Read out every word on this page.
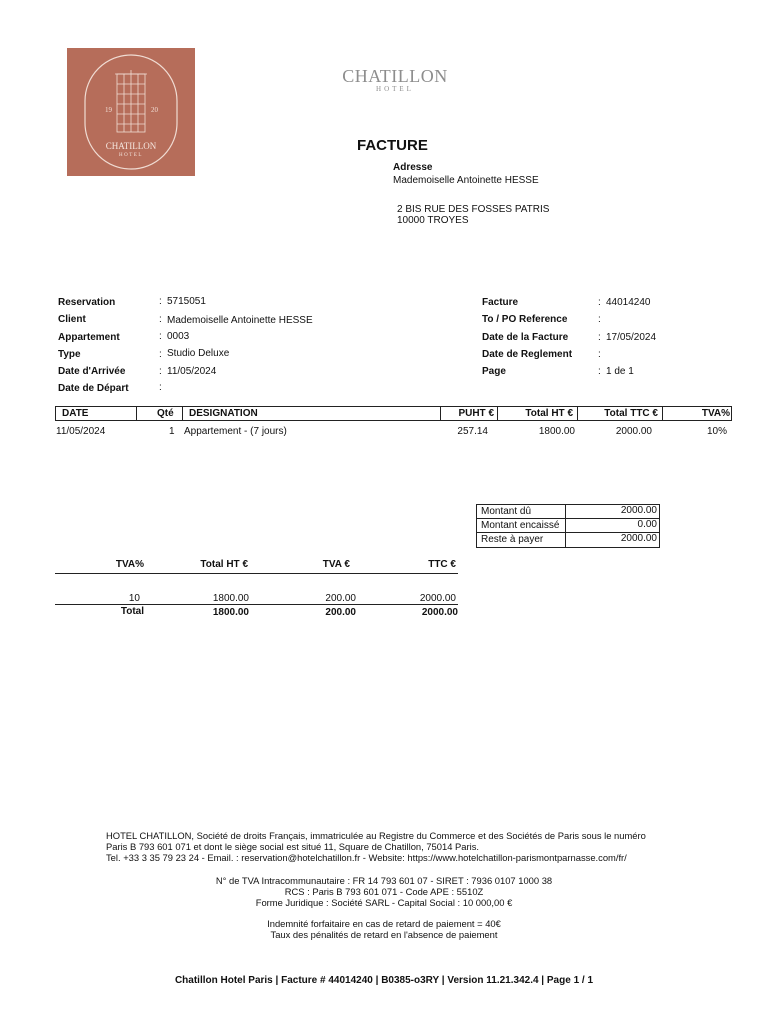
19	20
CHATILLON
HOTEL
CHATILLON
HOTEL
FACTURE
Adresse
Mademoiselle Antoinette HESSE
2 BIS RUE DES FOSSES PATRIS
10000 TROYES
Reservation	: 5715051
Client	: Mademoiselle Antoinette HESSE
Appartement	: 0003
Type	: Studio Deluxe
Date d'Arrivée	: 11/05/2024
Date de Départ	:
Facture	: 44014240
To / PO Reference	:
Date de la Facture	: 17/05/2024
Date de Reglement	:
Page	: 1 de 1
DATE	Qté DESIGNATION	PUHT €	Total HT €	Total TTC €	TVA%
11/05/2024	1 Appartement - (7 jours)	257.14	1800.00	2000.00	10%
Montant dû	2000.00
Montant encaissé	0.00
Reste à payer	2000.00
TVA%	Total HT €	TVA €	TTC €
10	1800.00	200.00	2000.00
Total	1800.00	200.00	2000.00
HOTEL CHATILLON, Société de droits Français, immatriculée au Registre du Commerce et des Sociétés de Paris sous le numéro
Paris B 793 601 071 et dont le siège social est situé 11, Square de Chatillon, 75014 Paris.
Tel. +33 3 35 79 23 24 - Email. : reservation@hotelchatillon.fr - Website: https://www.hotelchatillon-parismontparnasse.com/fr/
N° de TVA Intracommunautaire : FR 14 793 601 07 - SIRET : 7936 0107 1000 38
RCS : Paris B 793 601 071 - Code APE : 5510Z
Forme Juridique : Société SARL - Capital Social : 10 000,00 €
Indemnité forfaitaire en cas de retard de paiement = 40€
Taux des pénalités de retard en l'absence de paiement
Chatillon Hotel Paris | Facture # 44014240 | B0385-o3RY | Version 11.21.342.4 | Page 1 / 1
